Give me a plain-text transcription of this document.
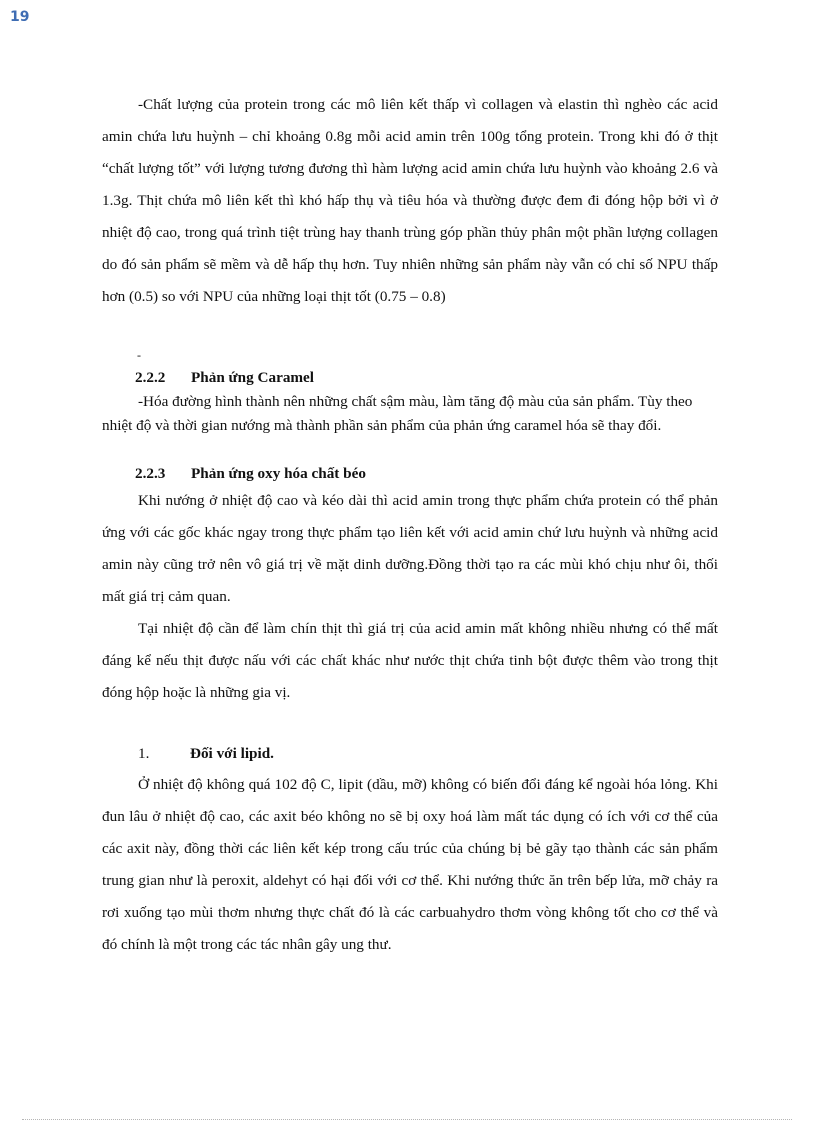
19

-Chất lượng của protein trong các mô liên kết thấp vì collagen và elastin thì nghèo các acid amin chứa lưu huỳnh – chỉ khoảng 0.8g mỗi acid amin trên 100g tổng protein. Trong khi đó ở thịt “chất lượng tốt” với lượng tương đương thì hàm lượng acid amin chứa lưu huỳnh vào khoảng 2.6 và 1.3g. Thịt chứa mô liên kết thì khó hấp thụ và tiêu hóa và thường được đem đi đóng hộp bởi vì ở nhiệt độ cao, trong quá trình tiệt trùng hay thanh trùng góp phần thủy phân một phần lượng collagen do đó sản phẩm sẽ mềm và dễ hấp thụ hơn. Tuy nhiên những sản phẩm này vẫn có chỉ số NPU thấp hơn (0.5) so với NPU của những loại thịt tốt (0.75 – 0.8)

-
2.2.2 Phản ứng Caramel

-Hóa đường hình thành nên những chất sậm màu, làm tăng độ màu của sản phẩm. Tùy theo nhiệt độ và thời gian nướng mà thành phần sản phẩm của phản ứng caramel hóa sẽ thay đổi.

2.2.3 Phản ứng oxy hóa chất béo

Khi nướng ở nhiệt độ cao và kéo dài thì acid amin trong thực phẩm chứa protein có thể phản ứng với các gốc khác ngay trong thực phẩm tạo liên kết với acid amin chứ lưu huỳnh và những acid amin này cũng trở nên vô giá trị về mặt dinh dưỡng.Đồng thời tạo ra các mùi khó chịu như ôi, thối mất giá trị cảm quan.

Tại nhiệt độ cần để làm chín thịt thì giá trị của acid amin mất không nhiều nhưng có thể mất đáng kể nếu thịt được nấu với các chất khác như nước thịt chứa tinh bột được thêm vào trong thịt đóng hộp hoặc là những gia vị.

1.	Đối với lipid.

Ở nhiệt độ không quá 102 độ C, lipit (dầu, mỡ) không có biến đổi đáng kể ngoài hóa lỏng. Khi đun lâu ở nhiệt độ cao, các axit béo không no sẽ bị oxy hoá làm mất tác dụng có ích với cơ thể của các axit này, đồng thời các liên kết kép trong cấu trúc của chúng bị bẻ gãy tạo thành các sản phẩm trung gian như là peroxit, aldehyt có hại đối với cơ thể. Khi nướng thức ăn trên bếp lửa, mỡ chảy ra rơi xuống tạo mùi thơm nhưng thực chất đó là các carbuahydro thơm vòng không tốt cho cơ thể và đó chính là một trong các tác nhân gây ung thư.
